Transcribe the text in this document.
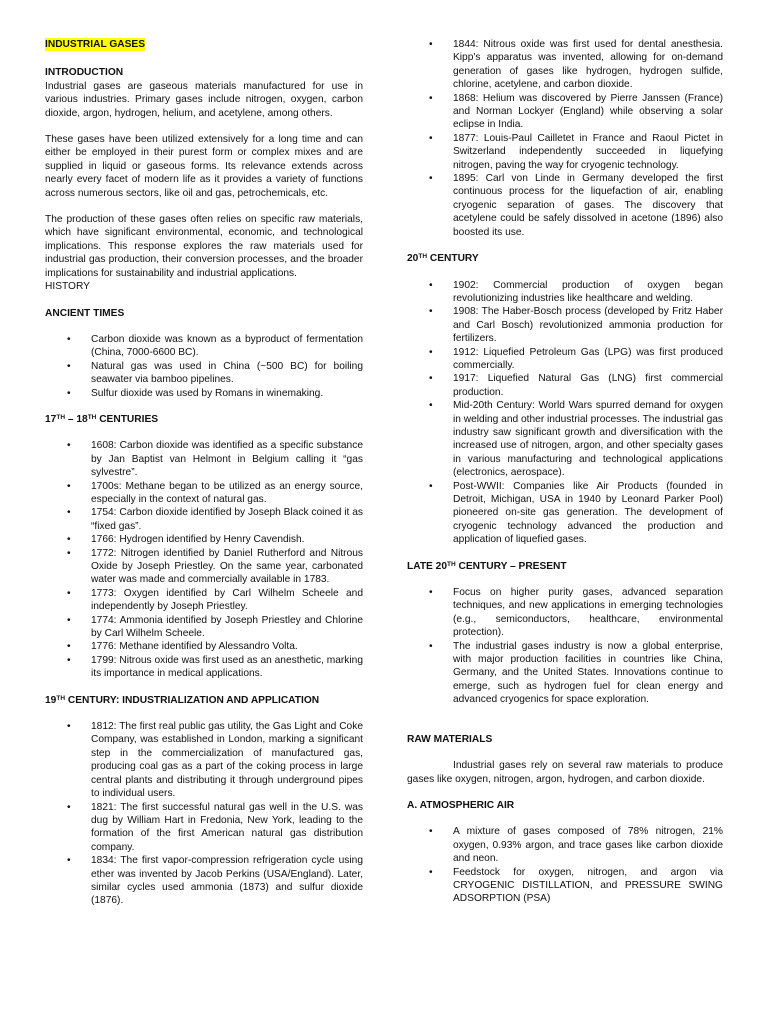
INDUSTRIAL GASES

INTRODUCTION

Industrial gases are gaseous materials manufactured for use in various industries. Primary gases include nitrogen, oxygen, carbon dioxide, argon, hydrogen, helium, and acetylene, among others.

These gases have been utilized extensively for a long time and can either be employed in their purest form or complex mixes and are supplied in liquid or gaseous forms. Its relevance extends across nearly every facet of modern life as it provides a variety of functions across numerous sectors, like oil and gas, petrochemicals, etc.

The production of these gases often relies on specific raw materials, which have significant environmental, economic, and technological implications. This response explores the raw materials used for industrial gas production, their conversion processes, and the broader implications for sustainability and industrial applications.

HISTORY

ANCIENT TIMES

• Carbon dioxide was known as a byproduct of fermentation (China, 7000-6600 BC).
• Natural gas was used in China (~500 BC) for boiling seawater via bamboo pipelines.
• Sulfur dioxide was used by Romans in winemaking.

17TH – 18TH CENTURIES

• 1608: Carbon dioxide was identified as a specific substance by Jan Baptist van Helmont in Belgium calling it “gas sylvestre”.
• 1700s: Methane began to be utilized as an energy source, especially in the context of natural gas.
• 1754: Carbon dioxide identified by Joseph Black coined it as “fixed gas”.
• 1766: Hydrogen identified by Henry Cavendish.
• 1772: Nitrogen identified by Daniel Rutherford and Nitrous Oxide by Joseph Priestley. On the same year, carbonated water was made and commercially available in 1783.
• 1773: Oxygen identified by Carl Wilhelm Scheele and independently by Joseph Priestley.
• 1774: Ammonia identified by Joseph Priestley and Chlorine by Carl Wilhelm Scheele.
• 1776: Methane identified by Alessandro Volta.
• 1799: Nitrous oxide was first used as an anesthetic, marking its importance in medical applications.

19TH CENTURY: INDUSTRIALIZATION AND APPLICATION

• 1812: The first real public gas utility, the Gas Light and Coke Company, was established in London, marking a significant step in the commercialization of manufactured gas, producing coal gas as a part of the coking process in large central plants and distributing it through underground pipes to individual users.
• 1821: The first successful natural gas well in the U.S. was dug by William Hart in Fredonia, New York, leading to the formation of the first American natural gas distribution company.
• 1834: The first vapor-compression refrigeration cycle using ether was invented by Jacob Perkins (USA/England). Later, similar cycles used ammonia (1873) and sulfur dioxide (1876).
• 1844: Nitrous oxide was first used for dental anesthesia. Kipp's apparatus was invented, allowing for on-demand generation of gases like hydrogen, hydrogen sulfide, chlorine, acetylene, and carbon dioxide.
• 1868: Helium was discovered by Pierre Janssen (France) and Norman Lockyer (England) while observing a solar eclipse in India.
• 1877: Louis-Paul Cailletet in France and Raoul Pictet in Switzerland independently succeeded in liquefying nitrogen, paving the way for cryogenic technology.
• 1895: Carl von Linde in Germany developed the first continuous process for the liquefaction of air, enabling cryogenic separation of gases. The discovery that acetylene could be safely dissolved in acetone (1896) also boosted its use.

20TH CENTURY

• 1902: Commercial production of oxygen began revolutionizing industries like healthcare and welding.
• 1908: The Haber-Bosch process (developed by Fritz Haber and Carl Bosch) revolutionized ammonia production for fertilizers.
• 1912: Liquefied Petroleum Gas (LPG) was first produced commercially.
• 1917: Liquefied Natural Gas (LNG) first commercial production.
• Mid-20th Century: World Wars spurred demand for oxygen in welding and other industrial processes. The industrial gas industry saw significant growth and diversification with the increased use of nitrogen, argon, and other specialty gases in various manufacturing and technological applications (electronics, aerospace).
• Post-WWII: Companies like Air Products (founded in Detroit, Michigan, USA in 1940 by Leonard Parker Pool) pioneered on-site gas generation. The development of cryogenic technology advanced the production and application of liquefied gases.

LATE 20TH CENTURY – PRESENT

• Focus on higher purity gases, advanced separation techniques, and new applications in emerging technologies (e.g., semiconductors, healthcare, environmental protection).
• The industrial gases industry is now a global enterprise, with major production facilities in countries like China, Germany, and the United States. Innovations continue to emerge, such as hydrogen fuel for clean energy and advanced cryogenics for space exploration.

RAW MATERIALS

Industrial gases rely on several raw materials to produce gases like oxygen, nitrogen, argon, hydrogen, and carbon dioxide.

A. ATMOSPHERIC AIR

• A mixture of gases composed of 78% nitrogen, 21% oxygen, 0.93% argon, and trace gases like carbon dioxide and neon.
• Feedstock for oxygen, nitrogen, and argon via CRYOGENIC DISTILLATION, and PRESSURE SWING ADSORPTION (PSA)
